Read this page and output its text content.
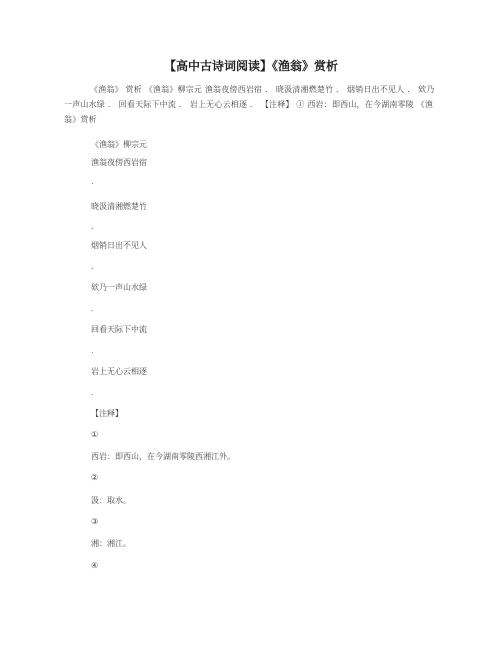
【高中古诗词阅读】《渔翁》赏析
《渔翁》 赏析 《渔翁》柳宗元 渔翁夜傍西岩宿 ． 晓汲清湘燃楚竹 ． 烟销日出不见人 ． 欸乃一声山水绿 ． 回看天际下中流 ． 岩上无心云相逐 ． 【注释】 ① 西岩：即西山，在今湖南零陵 《渔翁》赏析
《渔翁》柳宗元
渔翁夜傍西岩宿
.
晓汲清湘燃楚竹
.
烟销日出不见人
.
欸乃一声山水绿
.
回看天际下中流
.
岩上无心云相逐
.
【注释】
①
西岩：即西山，在今湖南零陵西湘江外。
②
汲：取水。
③
湘：湘江。
④
